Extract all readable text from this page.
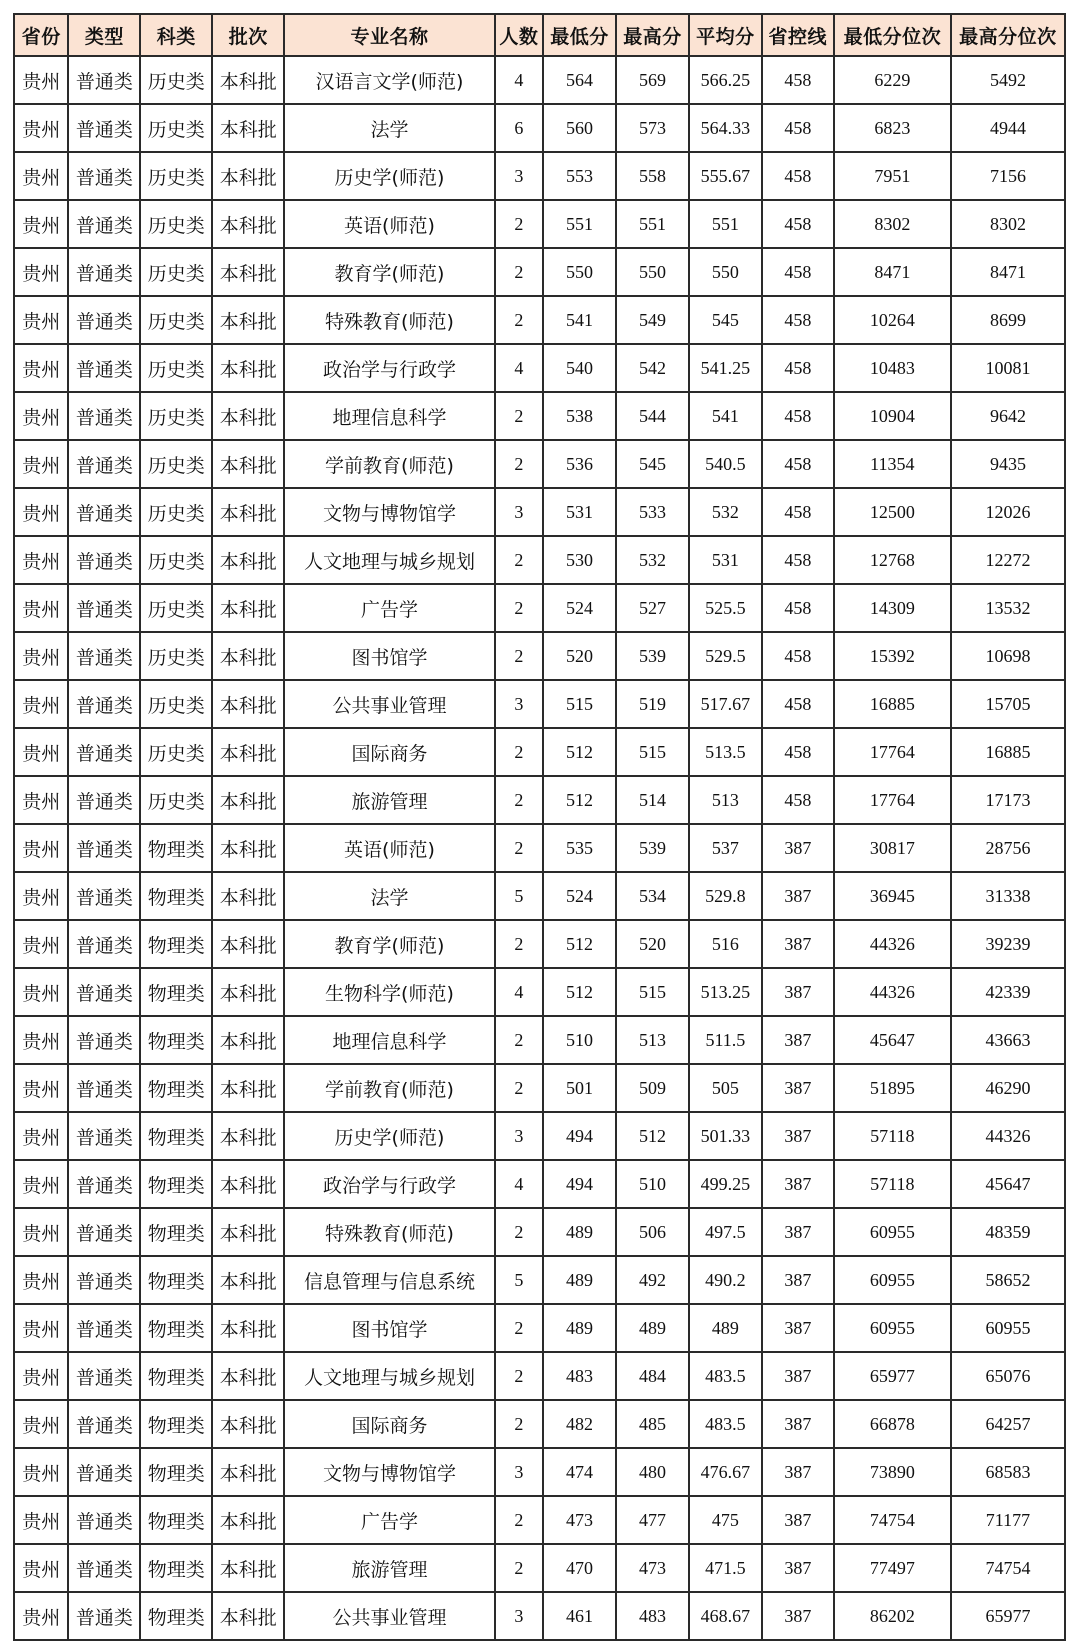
省份	类型	科类	批次	专业名称	人数	最低分	最高分	平均分	省控线	最低分位次	最高分位次
贵州	普通类	历史类	本科批	汉语言文学(师范)	4	564	569	566.25	458	6229	5492
贵州	普通类	历史类	本科批	法学	6	560	573	564.33	458	6823	4944
贵州	普通类	历史类	本科批	历史学(师范)	3	553	558	555.67	458	7951	7156
贵州	普通类	历史类	本科批	英语(师范)	2	551	551	551	458	8302	8302
贵州	普通类	历史类	本科批	教育学(师范)	2	550	550	550	458	8471	8471
贵州	普通类	历史类	本科批	特殊教育(师范)	2	541	549	545	458	10264	8699
贵州	普通类	历史类	本科批	政治学与行政学	4	540	542	541.25	458	10483	10081
贵州	普通类	历史类	本科批	地理信息科学	2	538	544	541	458	10904	9642
贵州	普通类	历史类	本科批	学前教育(师范)	2	536	545	540.5	458	11354	9435
贵州	普通类	历史类	本科批	文物与博物馆学	3	531	533	532	458	12500	12026
贵州	普通类	历史类	本科批	人文地理与城乡规划	2	530	532	531	458	12768	12272
贵州	普通类	历史类	本科批	广告学	2	524	527	525.5	458	14309	13532
贵州	普通类	历史类	本科批	图书馆学	2	520	539	529.5	458	15392	10698
贵州	普通类	历史类	本科批	公共事业管理	3	515	519	517.67	458	16885	15705
贵州	普通类	历史类	本科批	国际商务	2	512	515	513.5	458	17764	16885
贵州	普通类	历史类	本科批	旅游管理	2	512	514	513	458	17764	17173
贵州	普通类	物理类	本科批	英语(师范)	2	535	539	537	387	30817	28756
贵州	普通类	物理类	本科批	法学	5	524	534	529.8	387	36945	31338
贵州	普通类	物理类	本科批	教育学(师范)	2	512	520	516	387	44326	39239
贵州	普通类	物理类	本科批	生物科学(师范)	4	512	515	513.25	387	44326	42339
贵州	普通类	物理类	本科批	地理信息科学	2	510	513	511.5	387	45647	43663
贵州	普通类	物理类	本科批	学前教育(师范)	2	501	509	505	387	51895	46290
贵州	普通类	物理类	本科批	历史学(师范)	3	494	512	501.33	387	57118	44326
贵州	普通类	物理类	本科批	政治学与行政学	4	494	510	499.25	387	57118	45647
贵州	普通类	物理类	本科批	特殊教育(师范)	2	489	506	497.5	387	60955	48359
贵州	普通类	物理类	本科批	信息管理与信息系统	5	489	492	490.2	387	60955	58652
贵州	普通类	物理类	本科批	图书馆学	2	489	489	489	387	60955	60955
贵州	普通类	物理类	本科批	人文地理与城乡规划	2	483	484	483.5	387	65977	65076
贵州	普通类	物理类	本科批	国际商务	2	482	485	483.5	387	66878	64257
贵州	普通类	物理类	本科批	文物与博物馆学	3	474	480	476.67	387	73890	68583
贵州	普通类	物理类	本科批	广告学	2	473	477	475	387	74754	71177
贵州	普通类	物理类	本科批	旅游管理	2	470	473	471.5	387	77497	74754
贵州	普通类	物理类	本科批	公共事业管理	3	461	483	468.67	387	86202	65977
